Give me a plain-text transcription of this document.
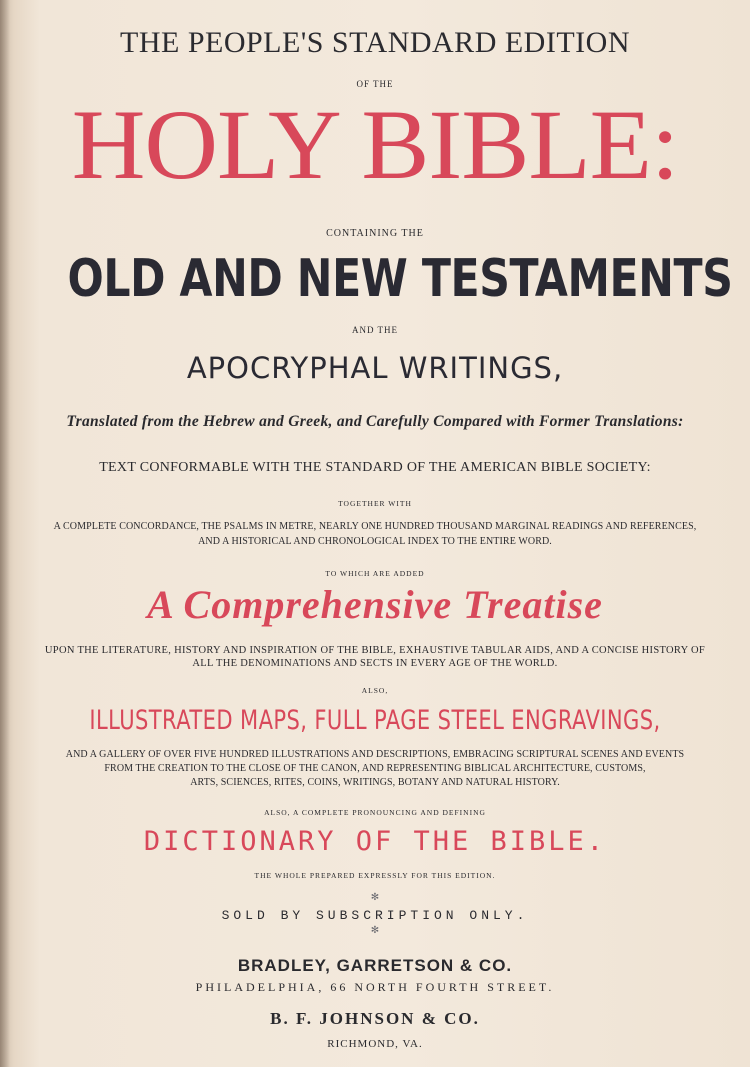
THE PEOPLE'S STANDARD EDITION
OF THE
HOLY BIBLE:
CONTAINING THE
OLD AND NEW TESTAMENTS
AND THE
APOCRYPHAL WRITINGS,
Translated from the Hebrew and Greek, and Carefully Compared with Former Translations:
TEXT CONFORMABLE WITH THE STANDARD OF THE AMERICAN BIBLE SOCIETY:
TOGETHER WITH
A COMPLETE CONCORDANCE, THE PSALMS IN METRE, NEARLY ONE HUNDRED THOUSAND MARGINAL READINGS AND REFERENCES,
AND A HISTORICAL AND CHRONOLOGICAL INDEX TO THE ENTIRE WORD.
TO WHICH ARE ADDED
A Comprehensive Treatise
UPON THE LITERATURE, HISTORY AND INSPIRATION OF THE BIBLE, EXHAUSTIVE TABULAR AIDS, AND A CONCISE HISTORY OF
ALL THE DENOMINATIONS AND SECTS IN EVERY AGE OF THE WORLD.
ALSO,
ILLUSTRATED MAPS, FULL PAGE STEEL ENGRAVINGS,
AND A GALLERY OF OVER FIVE HUNDRED ILLUSTRATIONS AND DESCRIPTIONS, EMBRACING SCRIPTURAL SCENES AND EVENTS
FROM THE CREATION TO THE CLOSE OF THE CANON, AND REPRESENTING BIBLICAL ARCHITECTURE, CUSTOMS,
ARTS, SCIENCES, RITES, COINS, WRITINGS, BOTANY AND NATURAL HISTORY.
ALSO, A COMPLETE PRONOUNCING AND DEFINING
DICTIONARY OF THE BIBLE.
THE WHOLE PREPARED EXPRESSLY FOR THIS EDITION.
✻
SOLD BY SUBSCRIPTION ONLY.
✻
BRADLEY, GARRETSON & CO.
PHILADELPHIA, 66 NORTH FOURTH STREET.
B. F. JOHNSON & CO.
RICHMOND, VA.
